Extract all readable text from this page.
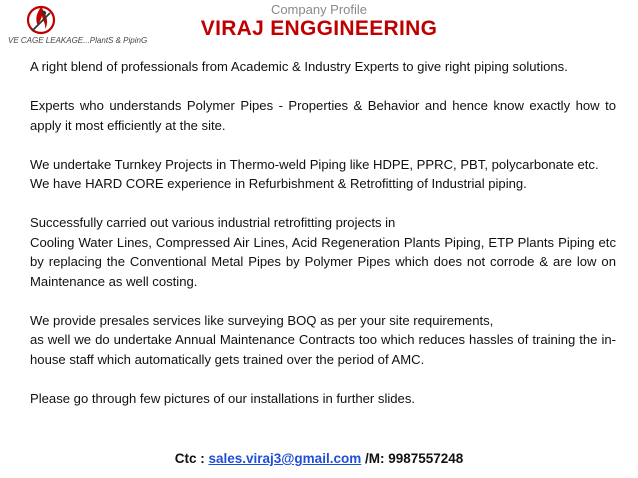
VE CAGE LEAKAGE...PlantS & PipinG
Company Profile
VIRAJ ENGGINEERING

A right blend of professionals from Academic & Industry Experts to give right piping solutions.

Experts who understands Polymer Pipes - Properties & Behavior and hence know exactly how to apply it most efficiently at the site.

We undertake Turnkey Projects in Thermo-weld Piping like HDPE, PPRC, PBT, polycarbonate etc.

We have HARD CORE experience in Refurbishment & Retrofitting of Industrial piping.

Successfully carried out various industrial retrofitting projects in

Cooling Water Lines, Compressed Air Lines, Acid Regeneration Plants Piping, ETP Plants Piping etc by replacing the Conventional Metal Pipes by Polymer Pipes which does not corrode & are low on Maintenance as well costing.

We provide presales services like surveying BOQ as per your site requirements,

as well we do undertake Annual Maintenance Contracts too which reduces hassles of training the in-house staff which automatically gets trained over the period of AMC.

Please go through few pictures of our installations in further slides.

Ctc : sales.viraj3@gmail.com /M: 9987557248
